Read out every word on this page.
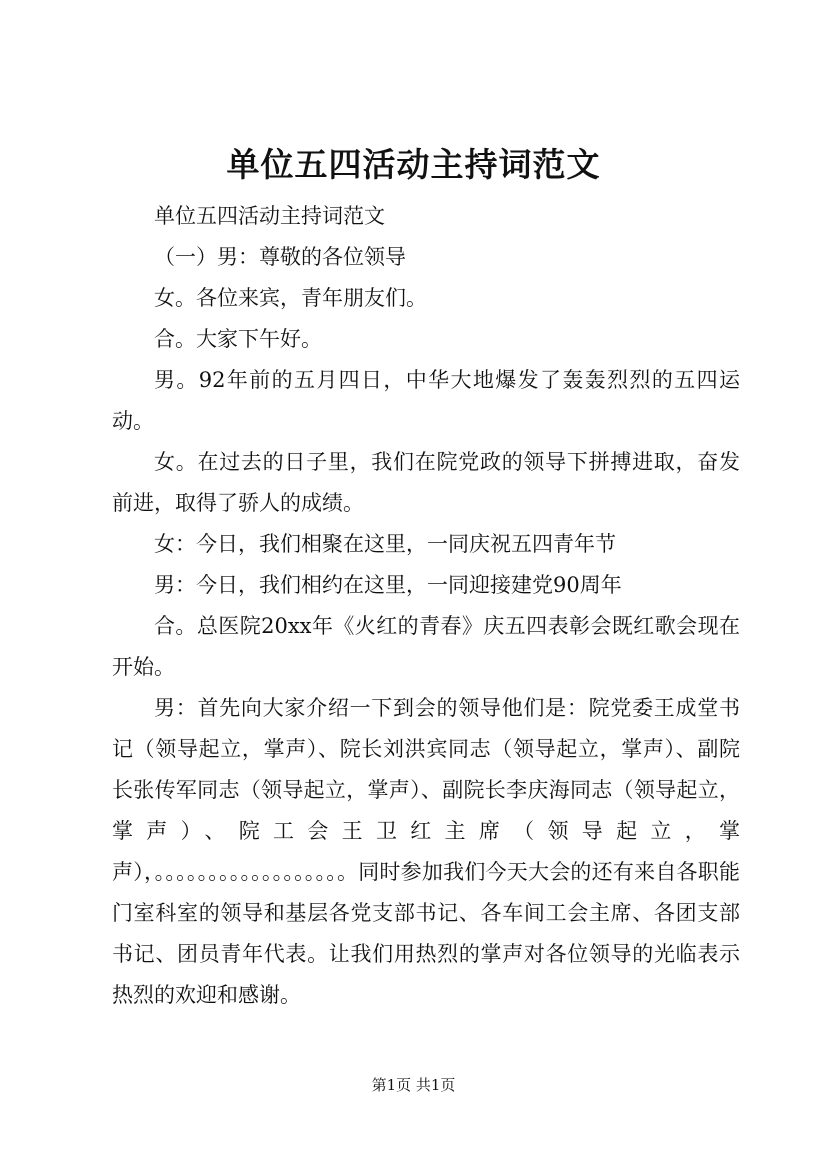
单位五四活动主持词范文

单位五四活动主持词范文

（一）男：尊敬的各位领导

女。各位来宾，青年朋友们。

合。大家下午好。

男。92年前的五月四日，中华大地爆发了轰轰烈烈的五四运动。

女。在过去的日子里，我们在院党政的领导下拼搏进取，奋发前进，取得了骄人的成绩。

女：今日，我们相聚在这里，一同庆祝五四青年节

男：今日，我们相约在这里，一同迎接建党90周年

合。总医院20xx年《火红的青春》庆五四表彰会既红歌会现在开始。

男：首先向大家介绍一下到会的领导他们是：院党委王成堂书记（领导起立，掌声）、院长刘洪宾同志（领导起立，掌声）、副院长张传军同志（领导起立，掌声）、副院长李庆海同志（领导起立，掌声）、院工会王卫红主席（领导起立，掌声），。。。。。。。。。。。。。。。。。。同时参加我们今天大会的还有来自各职能门室科室的领导和基层各党支部书记、各车间工会主席、各团支部书记、团员青年代表。让我们用热烈的掌声对各位领导的光临表示热烈的欢迎和感谢。

第1页 共1页
